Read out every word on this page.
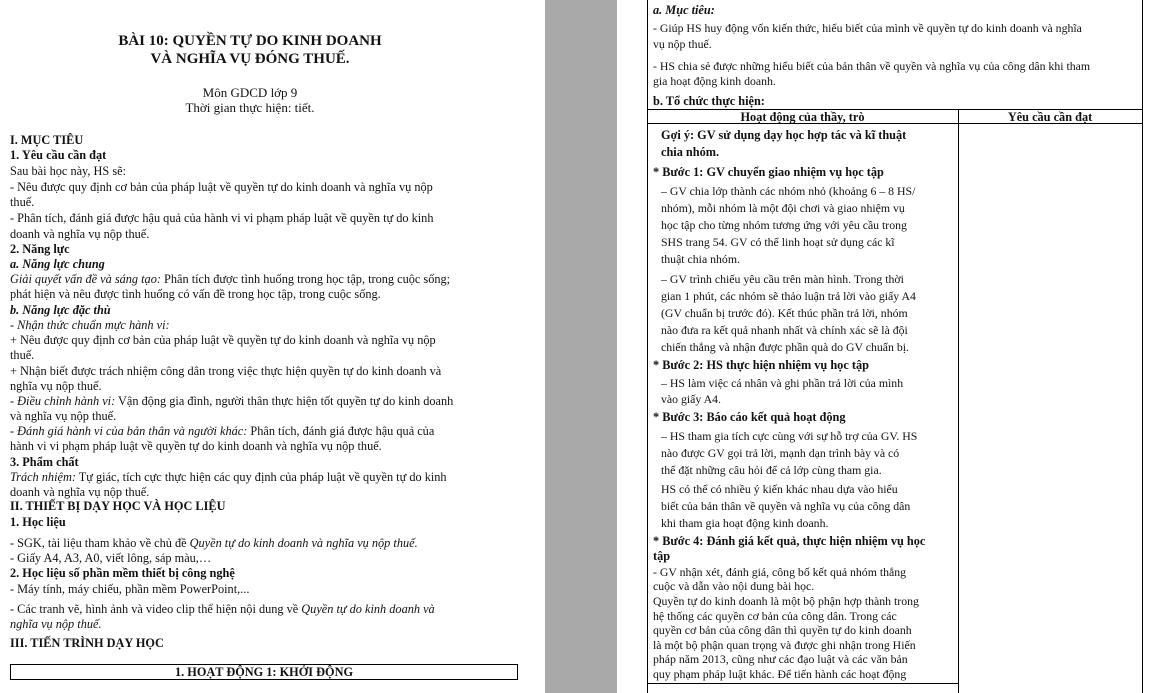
BÀI 10: QUYỀN TỰ DO KINH DOANH
VÀ NGHĨA VỤ ĐÓNG THUẾ.
Môn GDCD lớp 9
Thời gian thực hiện: tiết.
I. MỤC TIÊU
1. Yêu cầu cần đạt
Sau bài học này, HS sẽ:
- Nêu được quy định cơ bản của pháp luật về quyền tự do kinh doanh và nghĩa vụ nộp
thuế.
- Phân tích, đánh giá được hậu quả của hành vi vi phạm pháp luật về quyền tự do kinh
doanh và nghĩa vụ nộp thuế.
2. Năng lực
a. Năng lực chung
Giải quyết vấn đề và sáng tạo: Phân tích được tình huống trong học tập, trong cuộc sống;
phát hiện và nêu được tình huống có vấn đề trong học tập, trong cuộc sống.
b. Năng lực đặc thù
- Nhận thức chuẩn mực hành vi:
+ Nêu được quy định cơ bản của pháp luật về quyền tự do kinh doanh và nghĩa vụ nộp
thuế.
+ Nhận biết được trách nhiệm công dân trong việc thực hiện quyền tự do kinh doanh và
nghĩa vụ nộp thuế.
- Điều chỉnh hành vi: Vận động gia đình, người thân thực hiện tốt quyền tự do kinh doanh
và nghĩa vụ nộp thuế.
- Đánh giá hành vi của bản thân và người khác: Phân tích, đánh giá được hậu quả của
hành vi vi phạm pháp luật về quyền tự do kinh doanh và nghĩa vụ nộp thuế.
3. Phẩm chất
Trách nhiệm: Tự giác, tích cực thực hiện các quy định của pháp luật về quyền tự do kinh
doanh và nghĩa vụ nộp thuế.
II. THIẾT BỊ DẠY HỌC VÀ HỌC LIỆU
1. Học liệu
- SGK, tài liệu tham khảo về chủ đề Quyền tự do kinh doanh và nghĩa vụ nộp thuế.
- Giấy A4, A3, A0, viết lông, sáp màu,…
2. Học liệu số phần mềm thiết bị công nghệ
- Máy tính, máy chiếu, phần mềm PowerPoint,...
- Các tranh vẽ, hình ảnh và video clip thể hiện nội dung về Quyền tự do kinh doanh và
nghĩa vụ nộp thuế.
III. TIẾN TRÌNH DẠY HỌC
1. HOẠT ĐỘNG 1: KHỞI ĐỘNG
a. Mục tiêu:
- Giúp HS huy động vốn kiến thức, hiểu biết của mình về quyền tự do kinh doanh và nghĩa
vụ nộp thuế.
- HS chia sẻ được những hiểu biết của bản thân về quyền và nghĩa vụ của công dân khi tham
gia hoạt động kinh doanh.
b. Tổ chức thực hiện:
Hoạt động của thầy, trò	Yêu cầu cần đạt
Gợi ý: GV sử dụng dạy học hợp tác và kĩ thuật
chia nhóm.
* Bước 1: GV chuyển giao nhiệm vụ học tập
– GV chia lớp thành các nhóm nhỏ (khoảng 6 – 8 HS/
nhóm), mỗi nhóm là một đội chơi và giao nhiệm vụ
học tập cho từng nhóm tương ứng với yêu cầu trong
SHS trang 54. GV có thể linh hoạt sử dụng các kĩ
thuật chia nhóm.
– GV trình chiếu yêu cầu trên màn hình. Trong thời
gian 1 phút, các nhóm sẽ thảo luận trả lời vào giấy A4
(GV chuẩn bị trước đó). Kết thúc phần trả lời, nhóm
nào đưa ra kết quả nhanh nhất và chính xác sẽ là đội
chiến thắng và nhận được phần quà do GV chuẩn bị.
* Bước 2: HS thực hiện nhiệm vụ học tập
– HS làm việc cá nhân và ghi phần trả lời của mình
vào giấy A4.
* Bước 3: Báo cáo kết quả hoạt động
– HS tham gia tích cực cùng với sự hỗ trợ của GV. HS
nào được GV gọi trả lời, mạnh dạn trình bày và có
thể đặt những câu hỏi để cả lớp cùng tham gia.
HS có thể có nhiều ý kiến khác nhau dựa vào hiểu
biết của bản thân về quyền và nghĩa vụ của công dân
khi tham gia hoạt động kinh doanh.
* Bước 4: Đánh giá kết quả, thực hiện nhiệm vụ học
tập
- GV nhận xét, đánh giá, công bố kết quả nhóm thắng
cuộc và dẫn vào nội dung bài học.
Quyền tự do kinh doanh là một bộ phận hợp thành trong
hệ thống các quyền cơ bản của công dân. Trong các
quyền cơ bản của công dân thì quyền tự do kinh doanh
là một bộ phận quan trọng và được ghi nhận trong Hiến
pháp năm 2013, cũng như các đạo luật và các văn bản
quy phạm pháp luật khác. Để tiến hành các hoạt động
